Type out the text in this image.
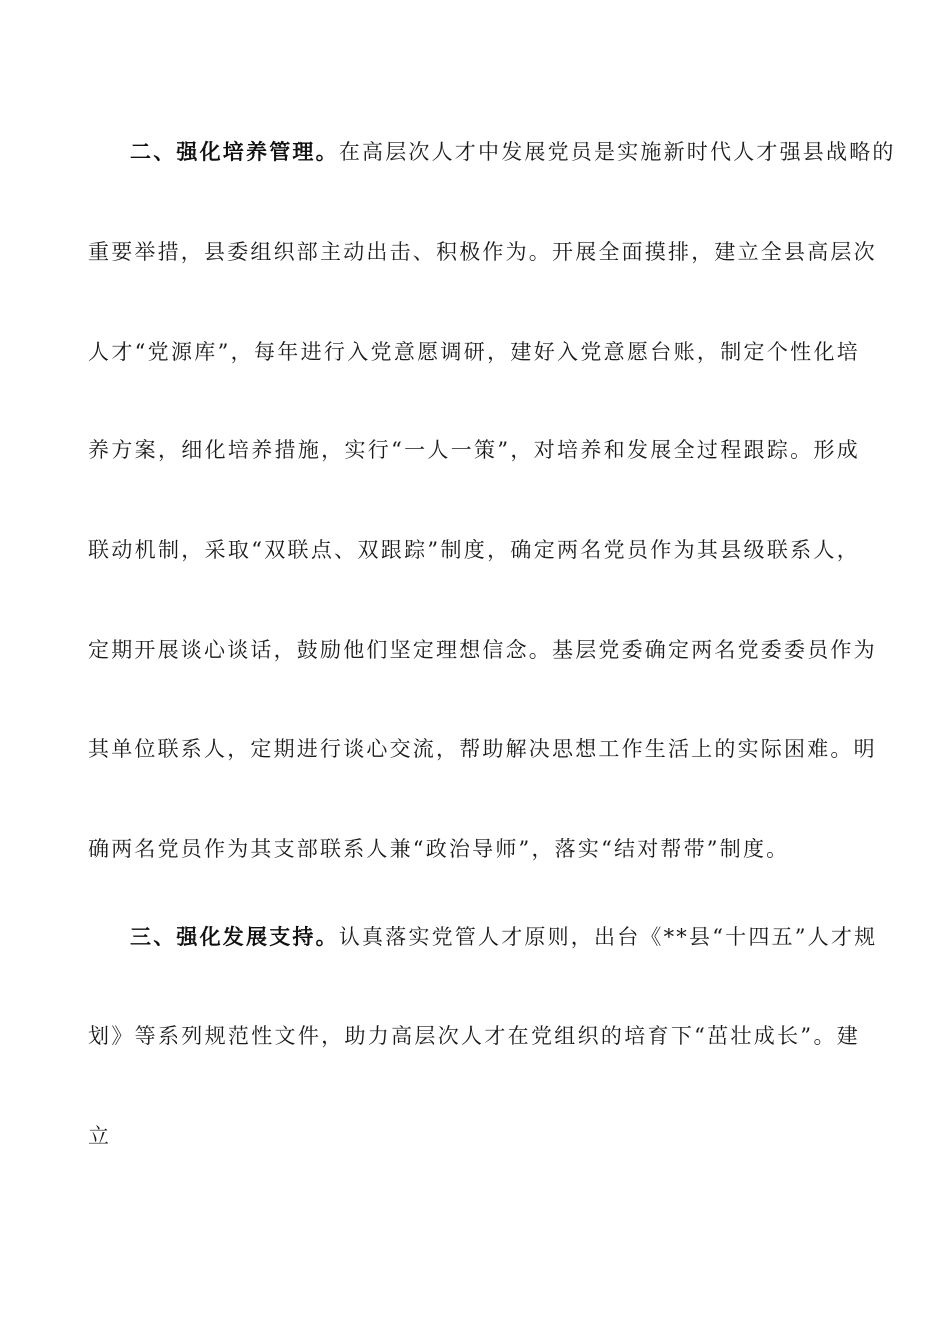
二、强化培养管理。在高层次人才中发展党员是实施新时代人才强县战略的
重要举措，县委组织部主动出击、积极作为。开展全面摸排，建立全县高层次
人才“党源库”，每年进行入党意愿调研，建好入党意愿台账，制定个性化培
养方案，细化培养措施，实行“一人一策”，对培养和发展全过程跟踪。形成
联动机制，采取“双联点、双跟踪”制度，确定两名党员作为其县级联系人，
定期开展谈心谈话，鼓励他们坚定理想信念。基层党委确定两名党委委员作为
其单位联系人，定期进行谈心交流，帮助解决思想工作生活上的实际困难。明
确两名党员作为其支部联系人兼“政治导师”，落实“结对帮带”制度。
三、强化发展支持。认真落实党管人才原则，出台《**县“十四五”人才规
划》等系列规范性文件，助力高层次人才在党组织的培育下“茁壮成长”。建
立
